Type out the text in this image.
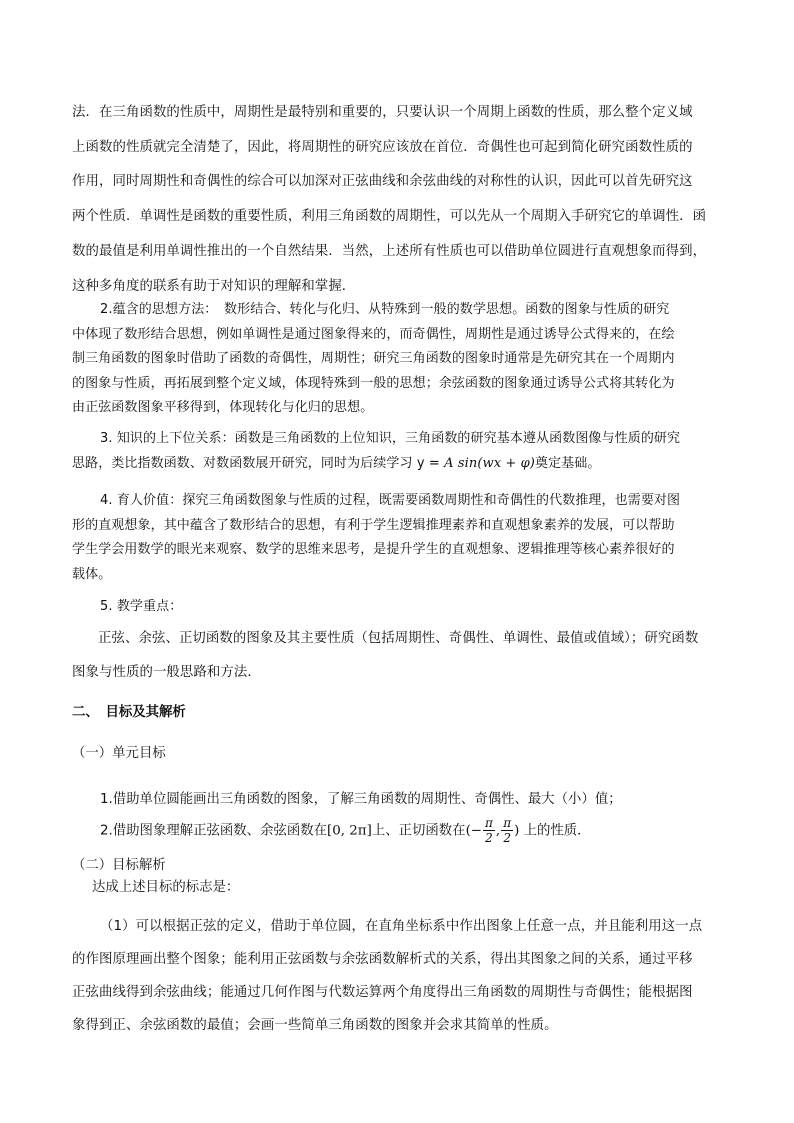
法．在三角函数的性质中，周期性是最特别和重要的，只要认识一个周期上函数的性质，那么整个定义域
上函数的性质就完全清楚了，因此，将周期性的研究应该放在首位．奇偶性也可起到简化研究函数性质的
作用，同时周期性和奇偶性的综合可以加深对正弦曲线和余弦曲线的对称性的认识，因此可以首先研究这
两个性质．单调性是函数的重要性质，利用三角函数的周期性，可以先从一个周期入手研究它的单调性．函
数的最值是利用单调性推出的一个自然结果．当然，上述所有性质也可以借助单位圆进行直观想象而得到，
这种多角度的联系有助于对知识的理解和掌握．
2.蕴含的思想方法：　数形结合、转化与化归、从特殊到一般的数学思想。函数的图象与性质的研究
中体现了数形结合思想，例如单调性是通过图象得来的，而奇偶性，周期性是通过诱导公式得来的，在绘
制三角函数的图象时借助了函数的奇偶性，周期性；研究三角函数的图象时通常是先研究其在一个周期内
的图象与性质，再拓展到整个定义域，体现特殊到一般的思想；余弦函数的图象通过诱导公式将其转化为
由正弦函数图象平移得到，体现转化与化归的思想。
3. 知识的上下位关系：函数是三角函数的上位知识，三角函数的研究基本遵从函数图像与性质的研究
思路，类比指数函数、对数函数展开研究，同时为后续学习 y = A sin(wx + φ)奠定基础。
4. 育人价值：探究三角函数图象与性质的过程，既需要函数周期性和奇偶性的代数推理，也需要对图
形的直观想象，其中蕴含了数形结合的思想，有利于学生逻辑推理素养和直观想象素养的发展，可以帮助
学生学会用数学的眼光来观察、数学的思维来思考，是提升学生的直观想象、逻辑推理等核心素养很好的
载体。
5. 教学重点：
正弦、余弦、正切函数的图象及其主要性质（包括周期性、奇偶性、单调性、最值或值域）；研究函数
图象与性质的一般思路和方法．

二、　目标及其解析

（一）单元目标

1.借助单位圆能画出三角函数的图象，了解三角函数的周期性、奇偶性、最大（小）值；

2.借助图象理解正弦函数、余弦函数在[0, 2π]上、正切函数在(− $\frac{\pi}{2}$ , $\frac{\pi}{2}$ ) 上的性质．

（二）目标解析

达成上述目标的标志是：

（1）可以根据正弦的定义，借助于单位圆，在直角坐标系中作出图象上任意一点，并且能利用这一点
的作图原理画出整个图象；能利用正弦函数与余弦函数解析式的关系，得出其图象之间的关系，通过平移
正弦曲线得到余弦曲线；能通过几何作图与代数运算两个角度得出三角函数的周期性与奇偶性；能根据图
象得到正、余弦函数的最值；会画一些简单三角函数的图象并会求其简单的性质。
